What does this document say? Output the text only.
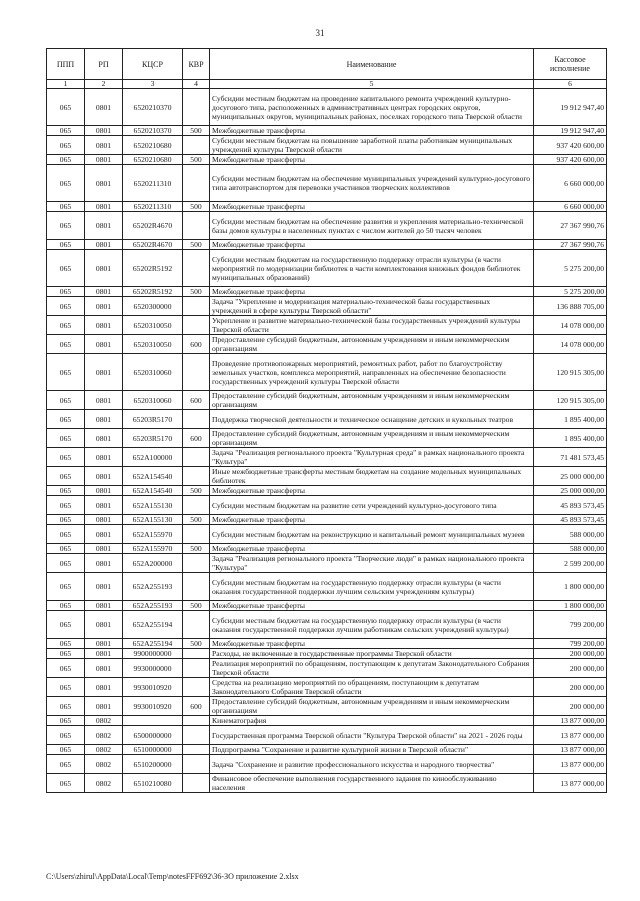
31
ППП	РП	КЦСР	КВР	Наименование	Кассовое исполнение
1	2	3	4	5	6
065	0801	6520210370		Субсидии местным бюджетам на проведение капитального ремонта учреждений культурно-досугового типа, расположенных в административных центрах городских округов, муниципальных округов, муниципальных районах, поселках городского типа Тверской области	19 912 947,40
065	0801	6520210370	500	Межбюджетные трансферты	19 912 947,40
065	0801	6520210680		Субсидии местным бюджетам на повышение заработной платы работникам муниципальных учреждений культуры Тверской области	937 420 600,00
065	0801	6520210680	500	Межбюджетные трансферты	937 420 600,00
065	0801	6520211310		Субсидии местным бюджетам на обеспечение муниципальных учреждений культурно-досугового типа автотранспортом для перевозки участников творческих коллективов	6 660 000,00
065	0801	6520211310	500	Межбюджетные трансферты	6 660 000,00
065	0801	65202R4670		Субсидии местным бюджетам на обеспечение развития и укрепления материально-технической базы домов культуры в населенных пунктах с числом жителей до 50 тысяч человек	27 367 990,76
065	0801	65202R4670	500	Межбюджетные трансферты	27 367 990,76
065	0801	65202R5192		Субсидии местным бюджетам на государственную поддержку отрасли культуры (в части мероприятий по модернизации библиотек в части комплектования книжных фондов библиотек муниципальных образований)	5 275 200,00
065	0801	65202R5192	500	Межбюджетные трансферты	5 275 200,00
065	0801	6520300000		Задача "Укрепление и модернизация материально-технической базы государственных учреждений в сфере культуры Тверской области"	136 888 705,00
065	0801	6520310050		Укрепление и развитие материально-технической базы государственных учреждений культуры Тверской области	14 078 000,00
065	0801	6520310050	600	Предоставление субсидий бюджетным, автономным учреждениям и иным некоммерческим организациям	14 078 000,00
065	0801	6520310060		Проведение противопожарных мероприятий, ремонтных работ, работ по благоустройству земельных участков, комплекса мероприятий, направленных на обеспечение безопасности государственных учреждений культуры Тверской области	120 915 305,00
065	0801	6520310060	600	Предоставление субсидий бюджетным, автономным учреждениям и иным некоммерческим организациям	120 915 305,00
065	0801	65203R5170		Поддержка творческой деятельности и техническое оснащение детских и кукольных театров	1 895 400,00
065	0801	65203R5170	600	Предоставление субсидий бюджетным, автономным учреждениям и иным некоммерческим организациям	1 895 400,00
065	0801	652A100000		Задача "Реализация регионального проекта "Культурная среда" в рамках национального проекта "Культура"	71 481 573,45
065	0801	652A154540		Иные межбюджетные трансферты местным бюджетам на создание модельных муниципальных библиотек	25 000 000,00
065	0801	652A154540	500	Межбюджетные трансферты	25 000 000,00
065	0801	652A155130		Субсидии местным бюджетам на развитие сети учреждений культурно-досугового типа	45 893 573,45
065	0801	652A155130	500	Межбюджетные трансферты	45 893 573,45
065	0801	652A155970		Субсидии местным бюджетам на реконструкцию и капитальный ремонт муниципальных музеев	588 000,00
065	0801	652A155970	500	Межбюджетные трансферты	588 000,00
065	0801	652A200000		Задача "Реализация регионального проекта "Творческие люди" в рамках национального проекта "Культура"	2 599 200,00
065	0801	652A255193		Субсидии местным бюджетам на государственную поддержку отрасли культуры (в части оказания государственной поддержки лучшим сельским учреждениям культуры)	1 800 000,00
065	0801	652A255193	500	Межбюджетные трансферты	1 800 000,00
065	0801	652A255194		Субсидии местным бюджетам на государственную поддержку отрасли культуры (в части оказания государственной поддержки лучшим работникам сельских учреждений культуры)	799 200,00
065	0801	652A255194	500	Межбюджетные трансферты	799 200,00
065	0801	9900000000		Расходы, не включенные в государственные программы Тверской области	200 000,00
065	0801	9930000000		Реализация мероприятий по обращениям, поступающим к депутатам Законодательного Собрания Тверской области	200 000,00
065	0801	9930010920		Средства на реализацию мероприятий по обращениям, поступающим к депутатам Законодательного Собрания Тверской области	200 000,00
065	0801	9930010920	600	Предоставление субсидий бюджетным, автономным учреждениям и иным некоммерческим организациям	200 000,00
065	0802			Кинематография	13 877 000,00
065	0802	6500000000		Государственная программа Тверской области "Культура Тверской области" на 2021 - 2026 годы	13 877 000,00
065	0802	6510000000		Подпрограмма "Сохранение и развитие культурной жизни в Тверской области"	13 877 000,00
065	0802	6510200000		Задача "Сохранение и развитие профессионального искусства и народного творчества"	13 877 000,00
065	0802	6510210080		Финансовое обеспечение выполнения государственного задания по кинообслуживанию населения	13 877 000,00
C:\Users\zhirul\AppData\Local\Temp\notesFFF692\36-ЗО приложение 2.xlsx
